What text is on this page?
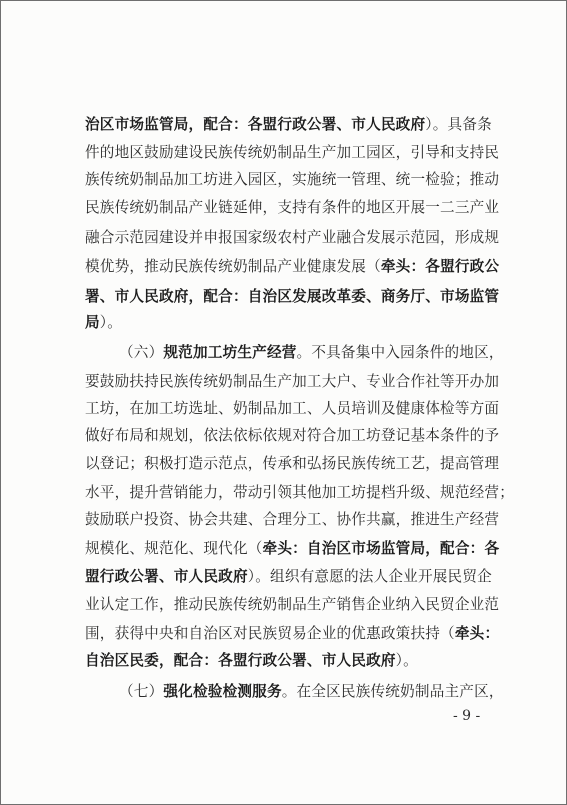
治区市场监管局，配合：各盟行政公署、市人民政府）。具备条
件的地区鼓励建设民族传统奶制品生产加工园区，引导和支持民
族传统奶制品加工坊进入园区，实施统一管理、统一检验；推动
民族传统奶制品产业链延伸，支持有条件的地区开展一二三产业
融合示范园建设并申报国家级农村产业融合发展示范园，形成规
模优势，推动民族传统奶制品产业健康发展（牵头：各盟行政公
署、市人民政府，配合：自治区发展改革委、商务厅、市场监管
局）。
（六）规范加工坊生产经营。不具备集中入园条件的地区，
要鼓励扶持民族传统奶制品生产加工大户、专业合作社等开办加
工坊，在加工坊选址、奶制品加工、人员培训及健康体检等方面
做好布局和规划，依法依标依规对符合加工坊登记基本条件的予
以登记；积极打造示范点，传承和弘扬民族传统工艺，提高管理
水平，提升营销能力，带动引领其他加工坊提档升级、规范经营；
鼓励联户投资、协会共建、合理分工、协作共赢，推进生产经营
规模化、规范化、现代化（牵头：自治区市场监管局，配合：各
盟行政公署、市人民政府）。组织有意愿的法人企业开展民贸企
业认定工作，推动民族传统奶制品生产销售企业纳入民贸企业范
围，获得中央和自治区对民族贸易企业的优惠政策扶持（牵头：
自治区民委，配合：各盟行政公署、市人民政府）。
（七）强化检验检测服务。在全区民族传统奶制品主产区，
- 9 -
